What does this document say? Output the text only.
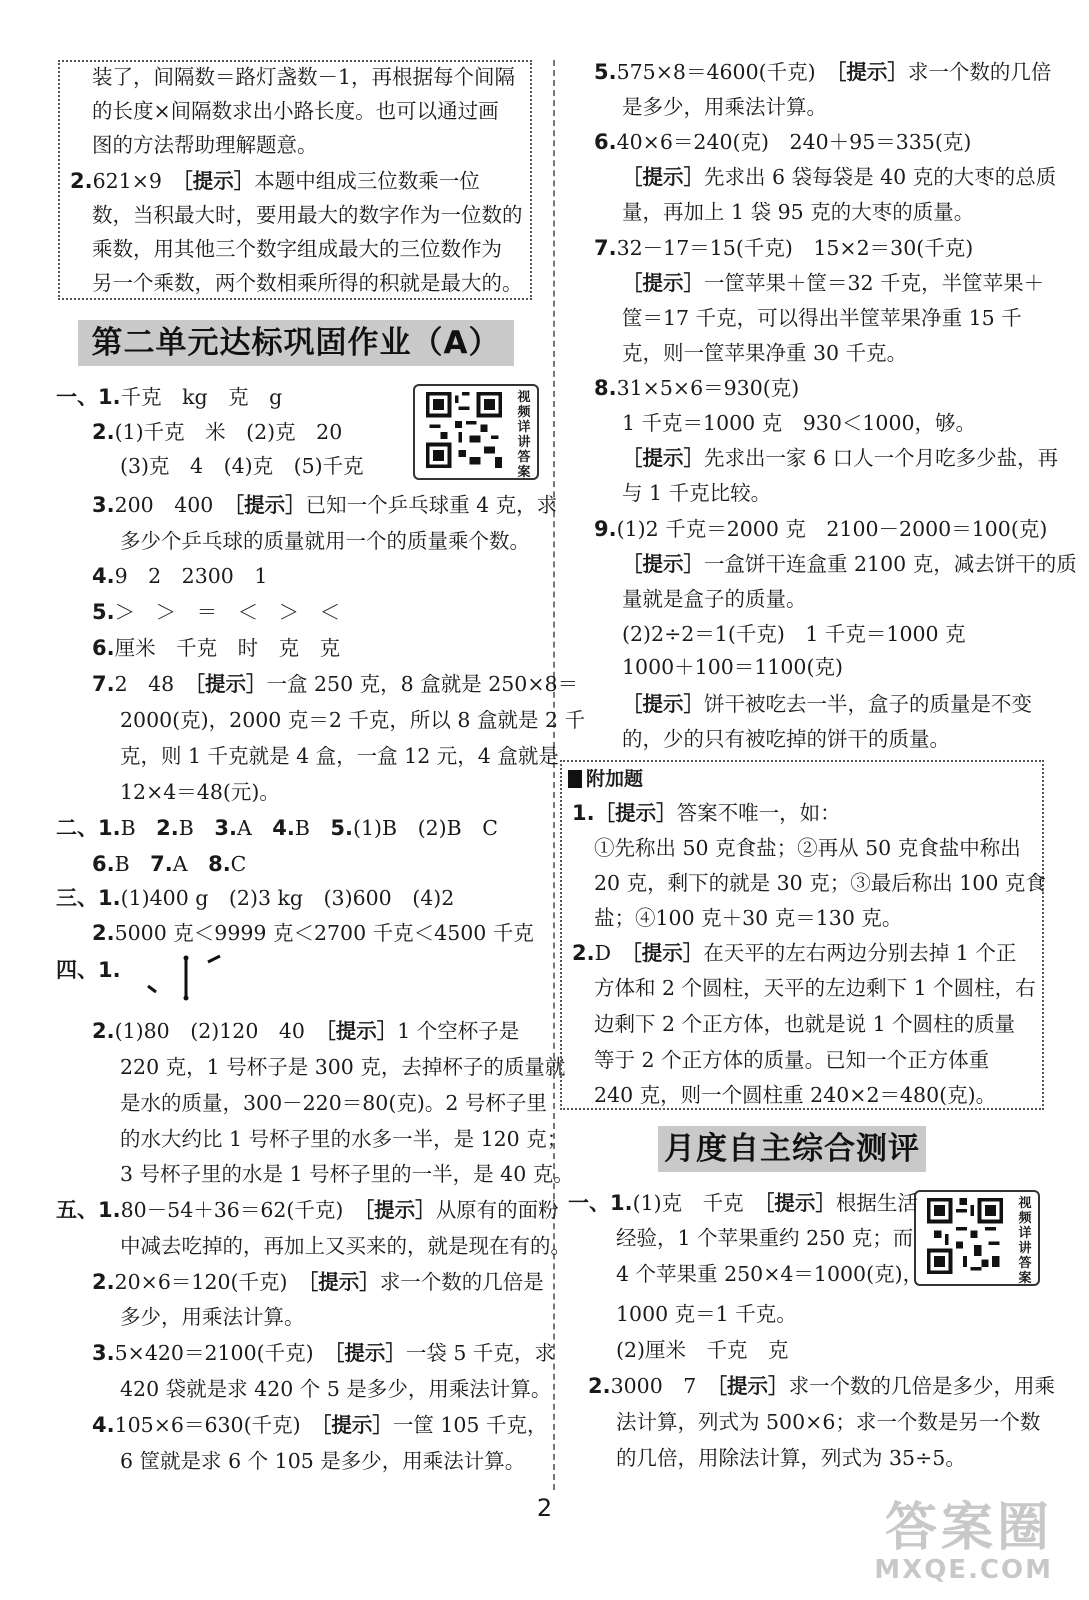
装了，间隔数＝路灯盏数－1，再根据每个间隔
的长度×间隔数求出小路长度。也可以通过画
图的方法帮助理解题意。
2.621×9　［提示］本题中组成三位数乘一位
数，当积最大时，要用最大的数字作为一位数的
乘数，用其他三个数字组成最大的三位数作为
另一个乘数，两个数相乘所得的积就是最大的。
第二单元达标巩固作业（A）
视频详讲答案
一、1.千克　kg　克　g
2.(1)千克　米　(2)克　20
(3)克　4　(4)克　(5)千克
3.200　400　［提示］已知一个乒乓球重 4 克，求
多少个乒乓球的质量就用一个的质量乘个数。
4.9　2　2300　1
5.＞　＞　＝　＜　＞　＜
6.厘米　千克　时　克　克
7.2　48　［提示］一盒 250 克，8 盒就是 250×8＝
2000(克)，2000 克＝2 千克，所以 8 盒就是 2 千
克，则 1 千克就是 4 盒，一盒 12 元，4 盒就是
12×4＝48(元)。
二、1.B　2.B　3.A　4.B　5.(1)B　(2)B　C
6.B　7.A　8.C
三、1.(1)400 g　(2)3 kg　(3)600　(4)2
2.5000 克＜9999 克＜2700 千克＜4500 千克
四、1.
2.(1)80　(2)120　40　［提示］1 个空杯子是
220 克，1 号杯子是 300 克，去掉杯子的质量就
是水的质量，300－220＝80(克)。2 号杯子里
的水大约比 1 号杯子里的水多一半，是 120 克；
3 号杯子里的水是 1 号杯子里的一半，是 40 克。
五、1.80－54＋36＝62(千克)　［提示］从原有的面粉
中减去吃掉的，再加上又买来的，就是现在有的。
2.20×6＝120(千克)　［提示］求一个数的几倍是
多少，用乘法计算。
3.5×420＝2100(千克)　［提示］一袋 5 千克，求
420 袋就是求 420 个 5 是多少，用乘法计算。
4.105×6＝630(千克)　［提示］一筐 105 千克，
6 筐就是求 6 个 105 是多少，用乘法计算。
5.575×8＝4600(千克)　［提示］求一个数的几倍
是多少，用乘法计算。
6.40×6＝240(克)　240＋95＝335(克)
［提示］先求出 6 袋每袋是 40 克的大枣的总质
量，再加上 1 袋 95 克的大枣的质量。
7.32－17＝15(千克)　15×2＝30(千克)
［提示］一筐苹果＋筐＝32 千克，半筐苹果＋
筐＝17 千克，可以得出半筐苹果净重 15 千
克，则一筐苹果净重 30 千克。
8.31×5×6＝930(克)
1 千克＝1000 克　930＜1000，够。
［提示］先求出一家 6 口人一个月吃多少盐，再
与 1 千克比较。
9.(1)2 千克＝2000 克　2100－2000＝100(克)
［提示］一盒饼干连盒重 2100 克，减去饼干的质
量就是盒子的质量。
(2)2÷2＝1(千克)　1 千克＝1000 克
1000＋100＝1100(克)
［提示］饼干被吃去一半，盒子的质量是不变
的，少的只有被吃掉的饼干的质量。
附加题
1.［提示］答案不唯一，如：
①先称出 50 克食盐；②再从 50 克食盐中称出
20 克，剩下的就是 30 克；③最后称出 100 克食
盐；④100 克＋30 克＝130 克。
2.D　［提示］在天平的左右两边分别去掉 1 个正
方体和 2 个圆柱，天平的左边剩下 1 个圆柱，右
边剩下 2 个正方体，也就是说 1 个圆柱的质量
等于 2 个正方体的质量。已知一个正方体重
240 克，则一个圆柱重 240×2＝480(克)。
月度自主综合测评
视频详讲答案
一、1.(1)克　千克　［提示］根据生活
经验，1 个苹果重约 250 克；而
4 个苹果重 250×4＝1000(克)，
1000 克＝1 千克。
(2)厘米　千克　克
2.3000　7　［提示］求一个数的几倍是多少，用乘
法计算，列式为 500×6；求一个数是另一个数
的几倍，用除法计算，列式为 35÷5。
2	答案圈
MXQE.COM
